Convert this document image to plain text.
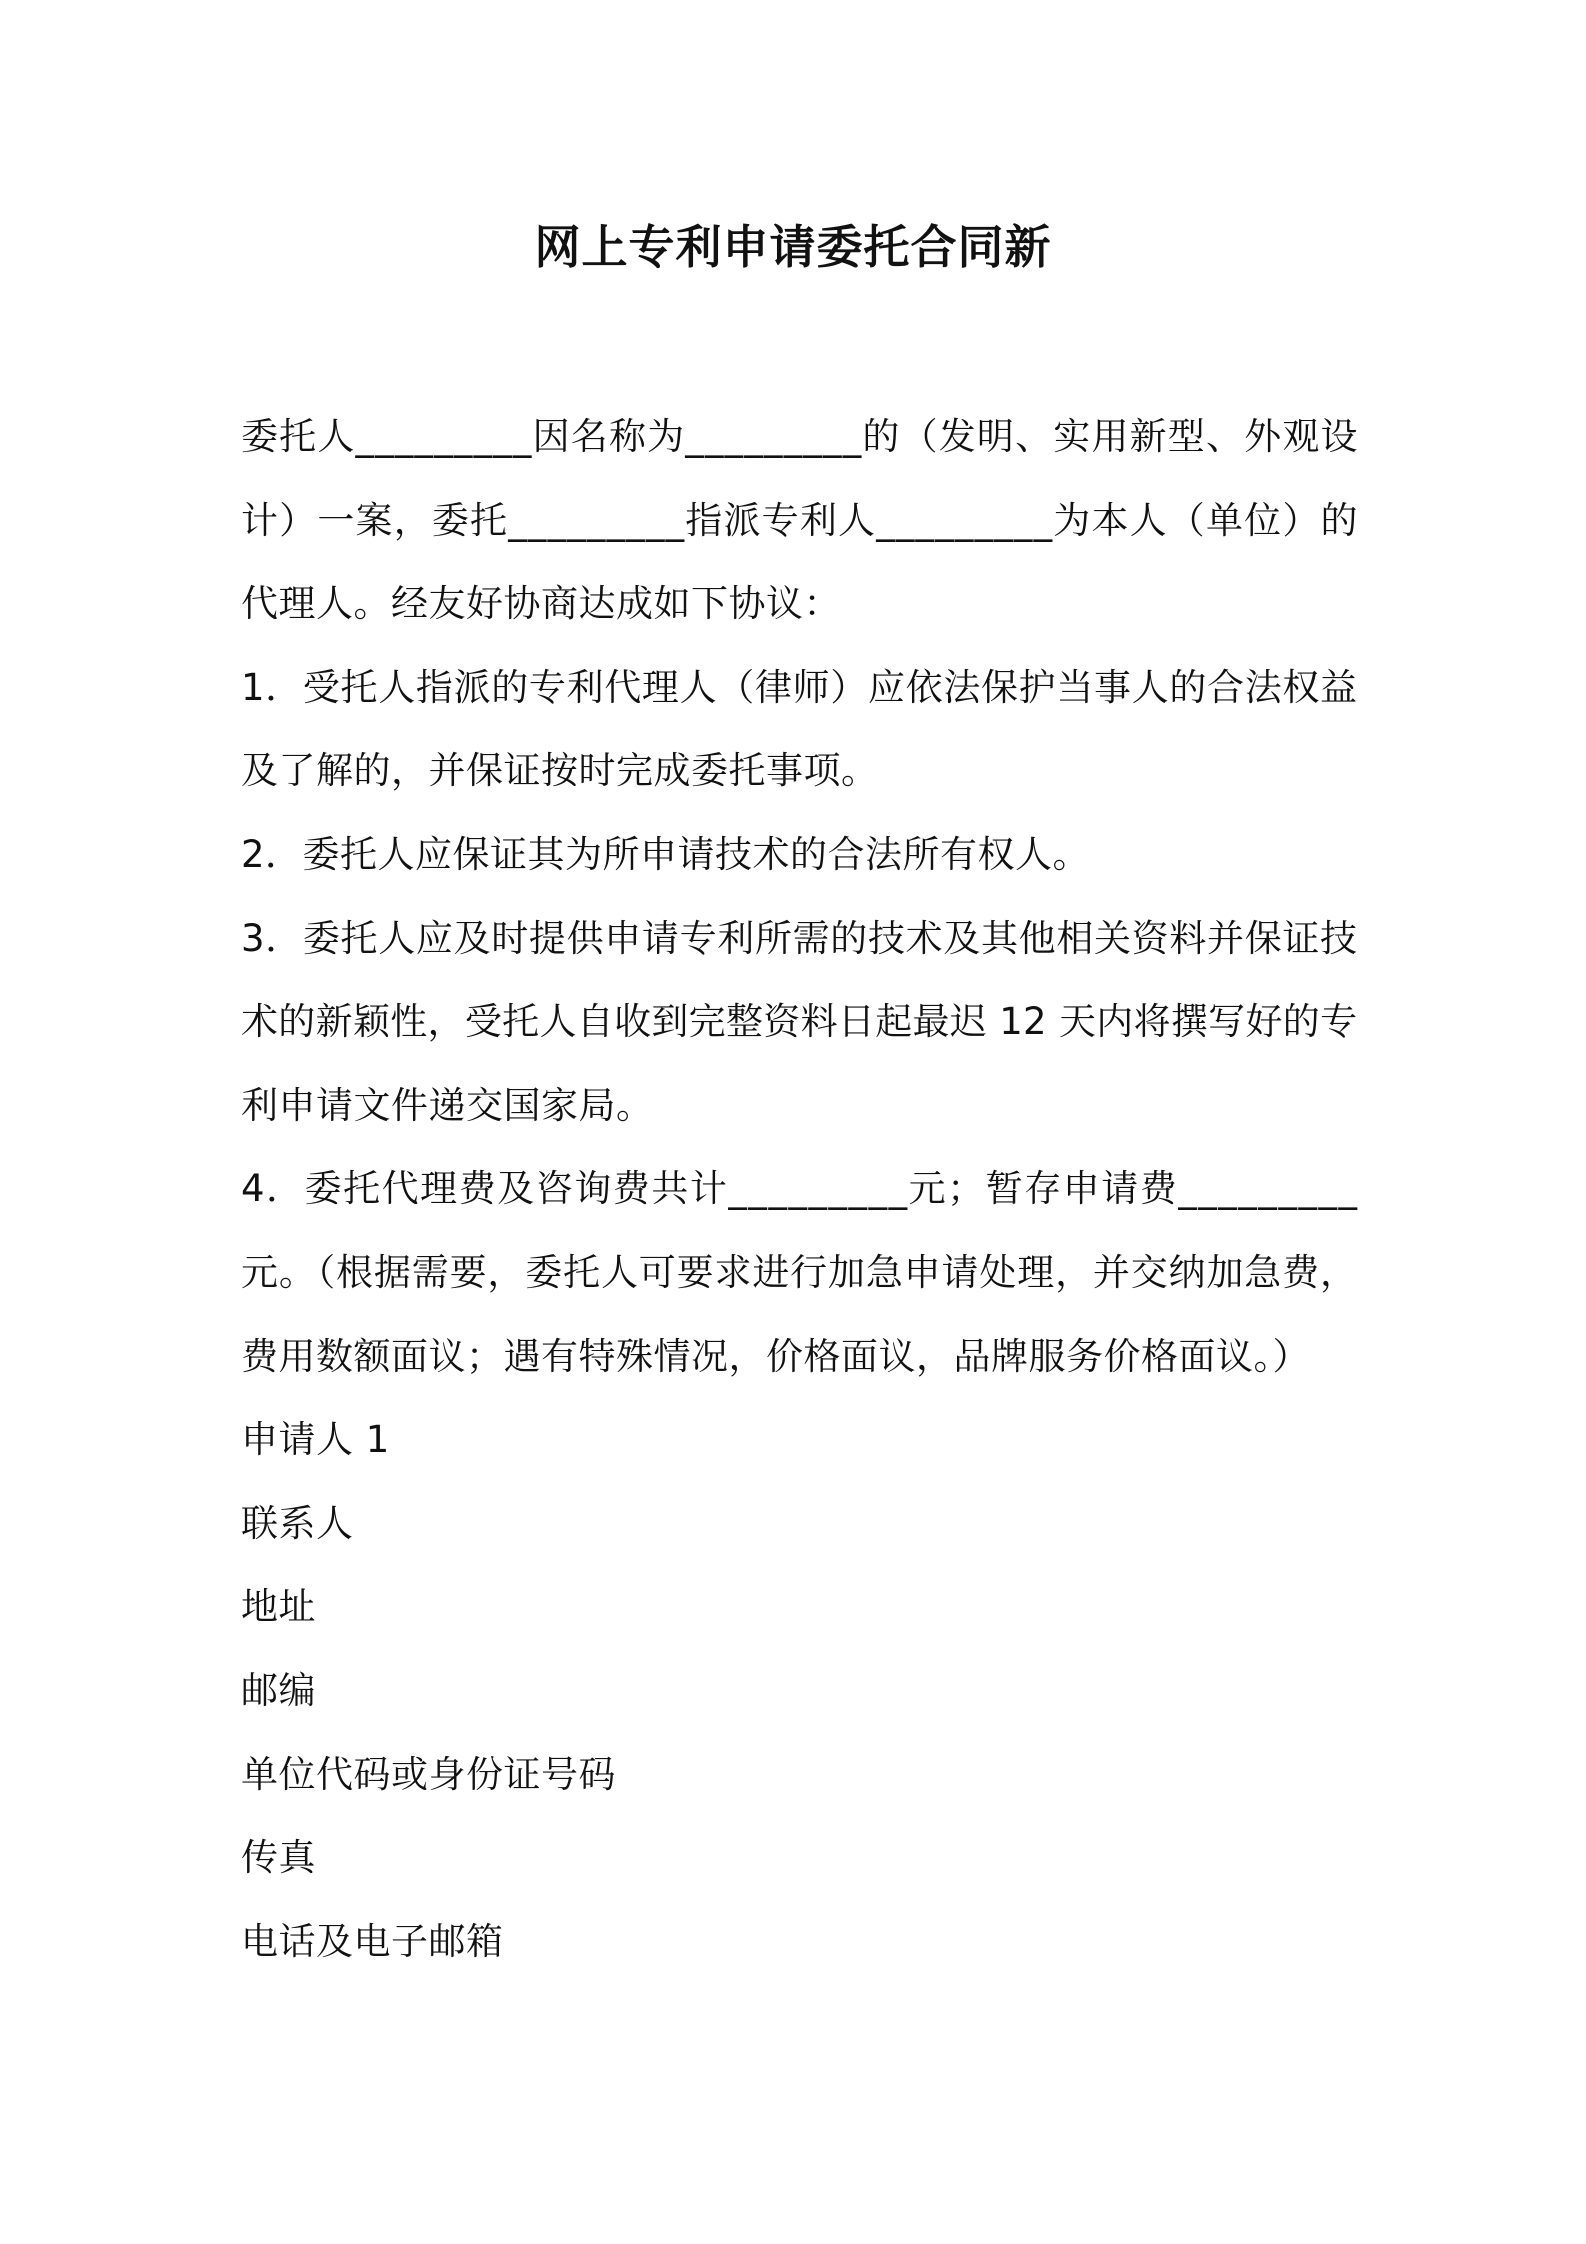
网上专利申请委托合同新
委托人_________因名称为_________的（发明、实用新型、外观设
计）一案，委托_________指派专利人_________为本人（单位）的
代理人。经友好协商达成如下协议：
1．受托人指派的专利代理人（律师）应依法保护当事人的合法权益
及了解的，并保证按时完成委托事项。
2．委托人应保证其为所申请技术的合法所有权人。
3．委托人应及时提供申请专利所需的技术及其他相关资料并保证技
术的新颖性，受托人自收到完整资料日起最迟 12 天内将撰写好的专
利申请文件递交国家局。
4．委托代理费及咨询费共计_________元；暂存申请费_________
元。（根据需要，委托人可要求进行加急申请处理，并交纳加急费，
费用数额面议；遇有特殊情况，价格面议，品牌服务价格面议。）
申请人 1
联系人
地址
邮编
单位代码或身份证号码
传真
电话及电子邮箱
